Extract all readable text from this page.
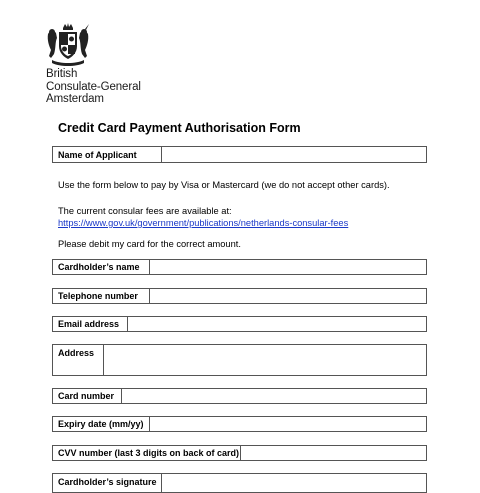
British
Consulate-General
Amsterdam
Credit Card Payment Authorisation Form
Name of Applicant
Use the form below to pay by Visa or Mastercard (we do not accept other cards).
The current consular fees are available at:
https://www.gov.uk/government/publications/netherlands-consular-fees
Please debit my card for the correct amount.
Cardholder’s name
Telephone number
Email address
Address
Card number
Expiry date (mm/yy)
CVV number (last 3 digits on back of card)
Cardholder’s signature
